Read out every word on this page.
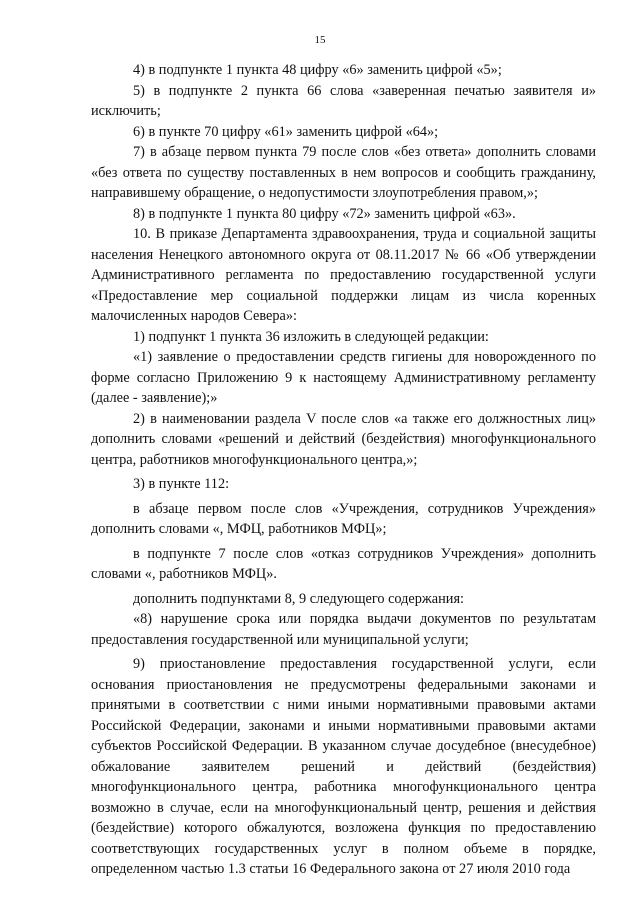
15

4) в подпункте 1 пункта 48 цифру «6» заменить цифрой «5»;

5) в подпункте 2 пункта 66 слова «заверенная печатью заявителя и» исключить;

6) в пункте 70 цифру «61» заменить цифрой «64»;

7) в абзаце первом пункта 79 после слов «без ответа» дополнить словами «без ответа по существу поставленных в нем вопросов и сообщить гражданину, направившему обращение, о недопустимости злоупотребления правом,»;

8) в подпункте 1 пункта 80 цифру «72» заменить цифрой «63».

10. В приказе Департамента здравоохранения, труда и социальной защиты населения Ненецкого автономного округа от 08.11.2017 № 66 «Об утверждении Административного регламента по предоставлению государственной услуги «Предоставление мер социальной поддержки лицам из числа коренных малочисленных народов Севера»:

1) подпункт 1 пункта 36 изложить в следующей редакции:

«1) заявление о предоставлении средств гигиены для новорожденного по форме согласно Приложению 9 к настоящему Административному регламенту (далее - заявление);»

2) в наименовании раздела V после слов «а также его должностных лиц» дополнить словами «решений и действий (бездействия) многофункционального центра, работников многофункционального центра,»;

3) в пункте 112:

в абзаце первом после слов «Учреждения, сотрудников Учреждения» дополнить словами «, МФЦ, работников МФЦ»;

в подпункте 7 после слов «отказ сотрудников Учреждения» дополнить словами «, работников МФЦ».

дополнить подпунктами 8, 9 следующего содержания:

«8) нарушение срока или порядка выдачи документов по результатам предоставления государственной или муниципальной услуги;

9) приостановление предоставления государственной услуги, если основания приостановления не предусмотрены федеральными законами и принятыми в соответствии с ними иными нормативными правовыми актами Российской Федерации, законами и иными нормативными правовыми актами субъектов Российской Федерации. В указанном случае досудебное (внесудебное) обжалование заявителем решений и действий (бездействия) многофункционального центра, работника многофункционального центра возможно в случае, если на многофункциональный центр, решения и действия (бездействие) которого обжалуются, возложена функция по предоставлению соответствующих государственных услуг в полном объеме в порядке, определенном частью 1.3 статьи 16 Федерального закона от 27 июля 2010 года
